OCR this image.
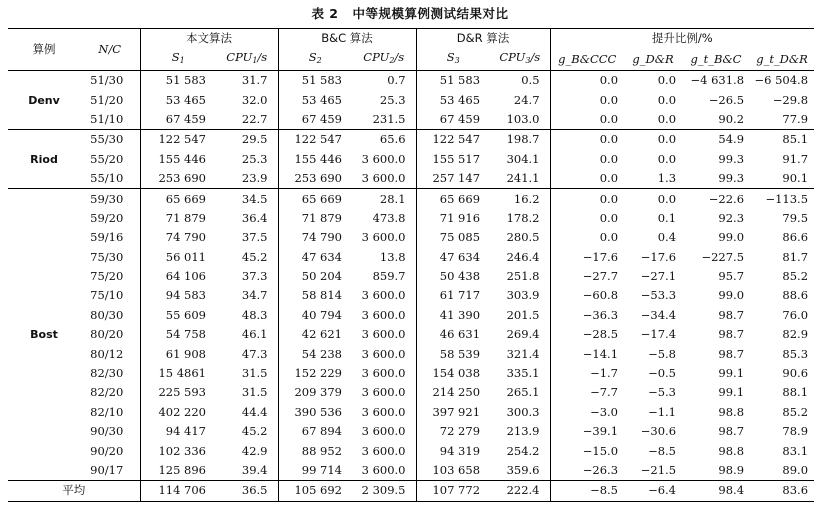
表 2 中等规模算例测试结果对比
算例	N/C	本文算法		B&C 算法		D&R 算法		提升比例/%			
		$S_1$	$CPU_1/s$	$S_2$	$CPU_2/s$	$S_3$	$CPU_3/s$	g_B&CCC	g_D&R	g_t_B&C	g_t_D&R
Denv	51/30	51 583	31.7	51 583	0.7	51 583	0.5	0.0	0.0	−4 631.8	−6 504.8
	51/20	53 465	32.0	53 465	25.3	53 465	24.7	0.0	0.0	−26.5	−29.8
	51/10	67 459	22.7	67 459	231.5	67 459	103.0	0.0	0.0	90.2	77.9
Riod	55/30	122 547	29.5	122 547	65.6	122 547	198.7	0.0	0.0	54.9	85.1
	55/20	155 446	25.3	155 446	3 600.0	155 517	304.1	0.0	0.0	99.3	91.7
	55/10	253 690	23.9	253 690	3 600.0	257 147	241.1	0.0	1.3	99.3	90.1
Bost	59/30	65 669	34.5	65 669	28.1	65 669	16.2	0.0	0.0	−22.6	−113.5
	59/20	71 879	36.4	71 879	473.8	71 916	178.2	0.0	0.1	92.3	79.5
	59/16	74 790	37.5	74 790	3 600.0	75 085	280.5	0.0	0.4	99.0	86.6
	75/30	56 011	45.2	47 634	13.8	47 634	246.4	−17.6	−17.6	−227.5	81.7
	75/20	64 106	37.3	50 204	859.7	50 438	251.8	−27.7	−27.1	95.7	85.2
	75/10	94 583	34.7	58 814	3 600.0	61 717	303.9	−60.8	−53.3	99.0	88.6
	80/30	55 609	48.3	40 794	3 600.0	41 390	201.5	−36.3	−34.4	98.7	76.0
	80/20	54 758	46.1	42 621	3 600.0	46 631	269.4	−28.5	−17.4	98.7	82.9
	80/12	61 908	47.3	54 238	3 600.0	58 539	321.4	−14.1	−5.8	98.7	85.3
	82/30	15 4861	31.5	152 229	3 600.0	154 038	335.1	−1.7	−0.5	99.1	90.6
	82/20	225 593	31.5	209 379	3 600.0	214 250	265.1	−7.7	−5.3	99.1	88.1
	82/10	402 220	44.4	390 536	3 600.0	397 921	300.3	−3.0	−1.1	98.8	85.2
	90/30	94 417	45.2	67 894	3 600.0	72 279	213.9	−39.1	−30.6	98.7	78.9
	90/20	102 336	42.9	88 952	3 600.0	94 319	254.2	−15.0	−8.5	98.8	83.1
	90/17	125 896	39.4	99 714	3 600.0	103 658	359.6	−26.3	−21.5	98.9	89.0
平均		114 706	36.5	105 692	2 309.5	107 772	222.4	−8.5	−6.4	98.4	83.6
